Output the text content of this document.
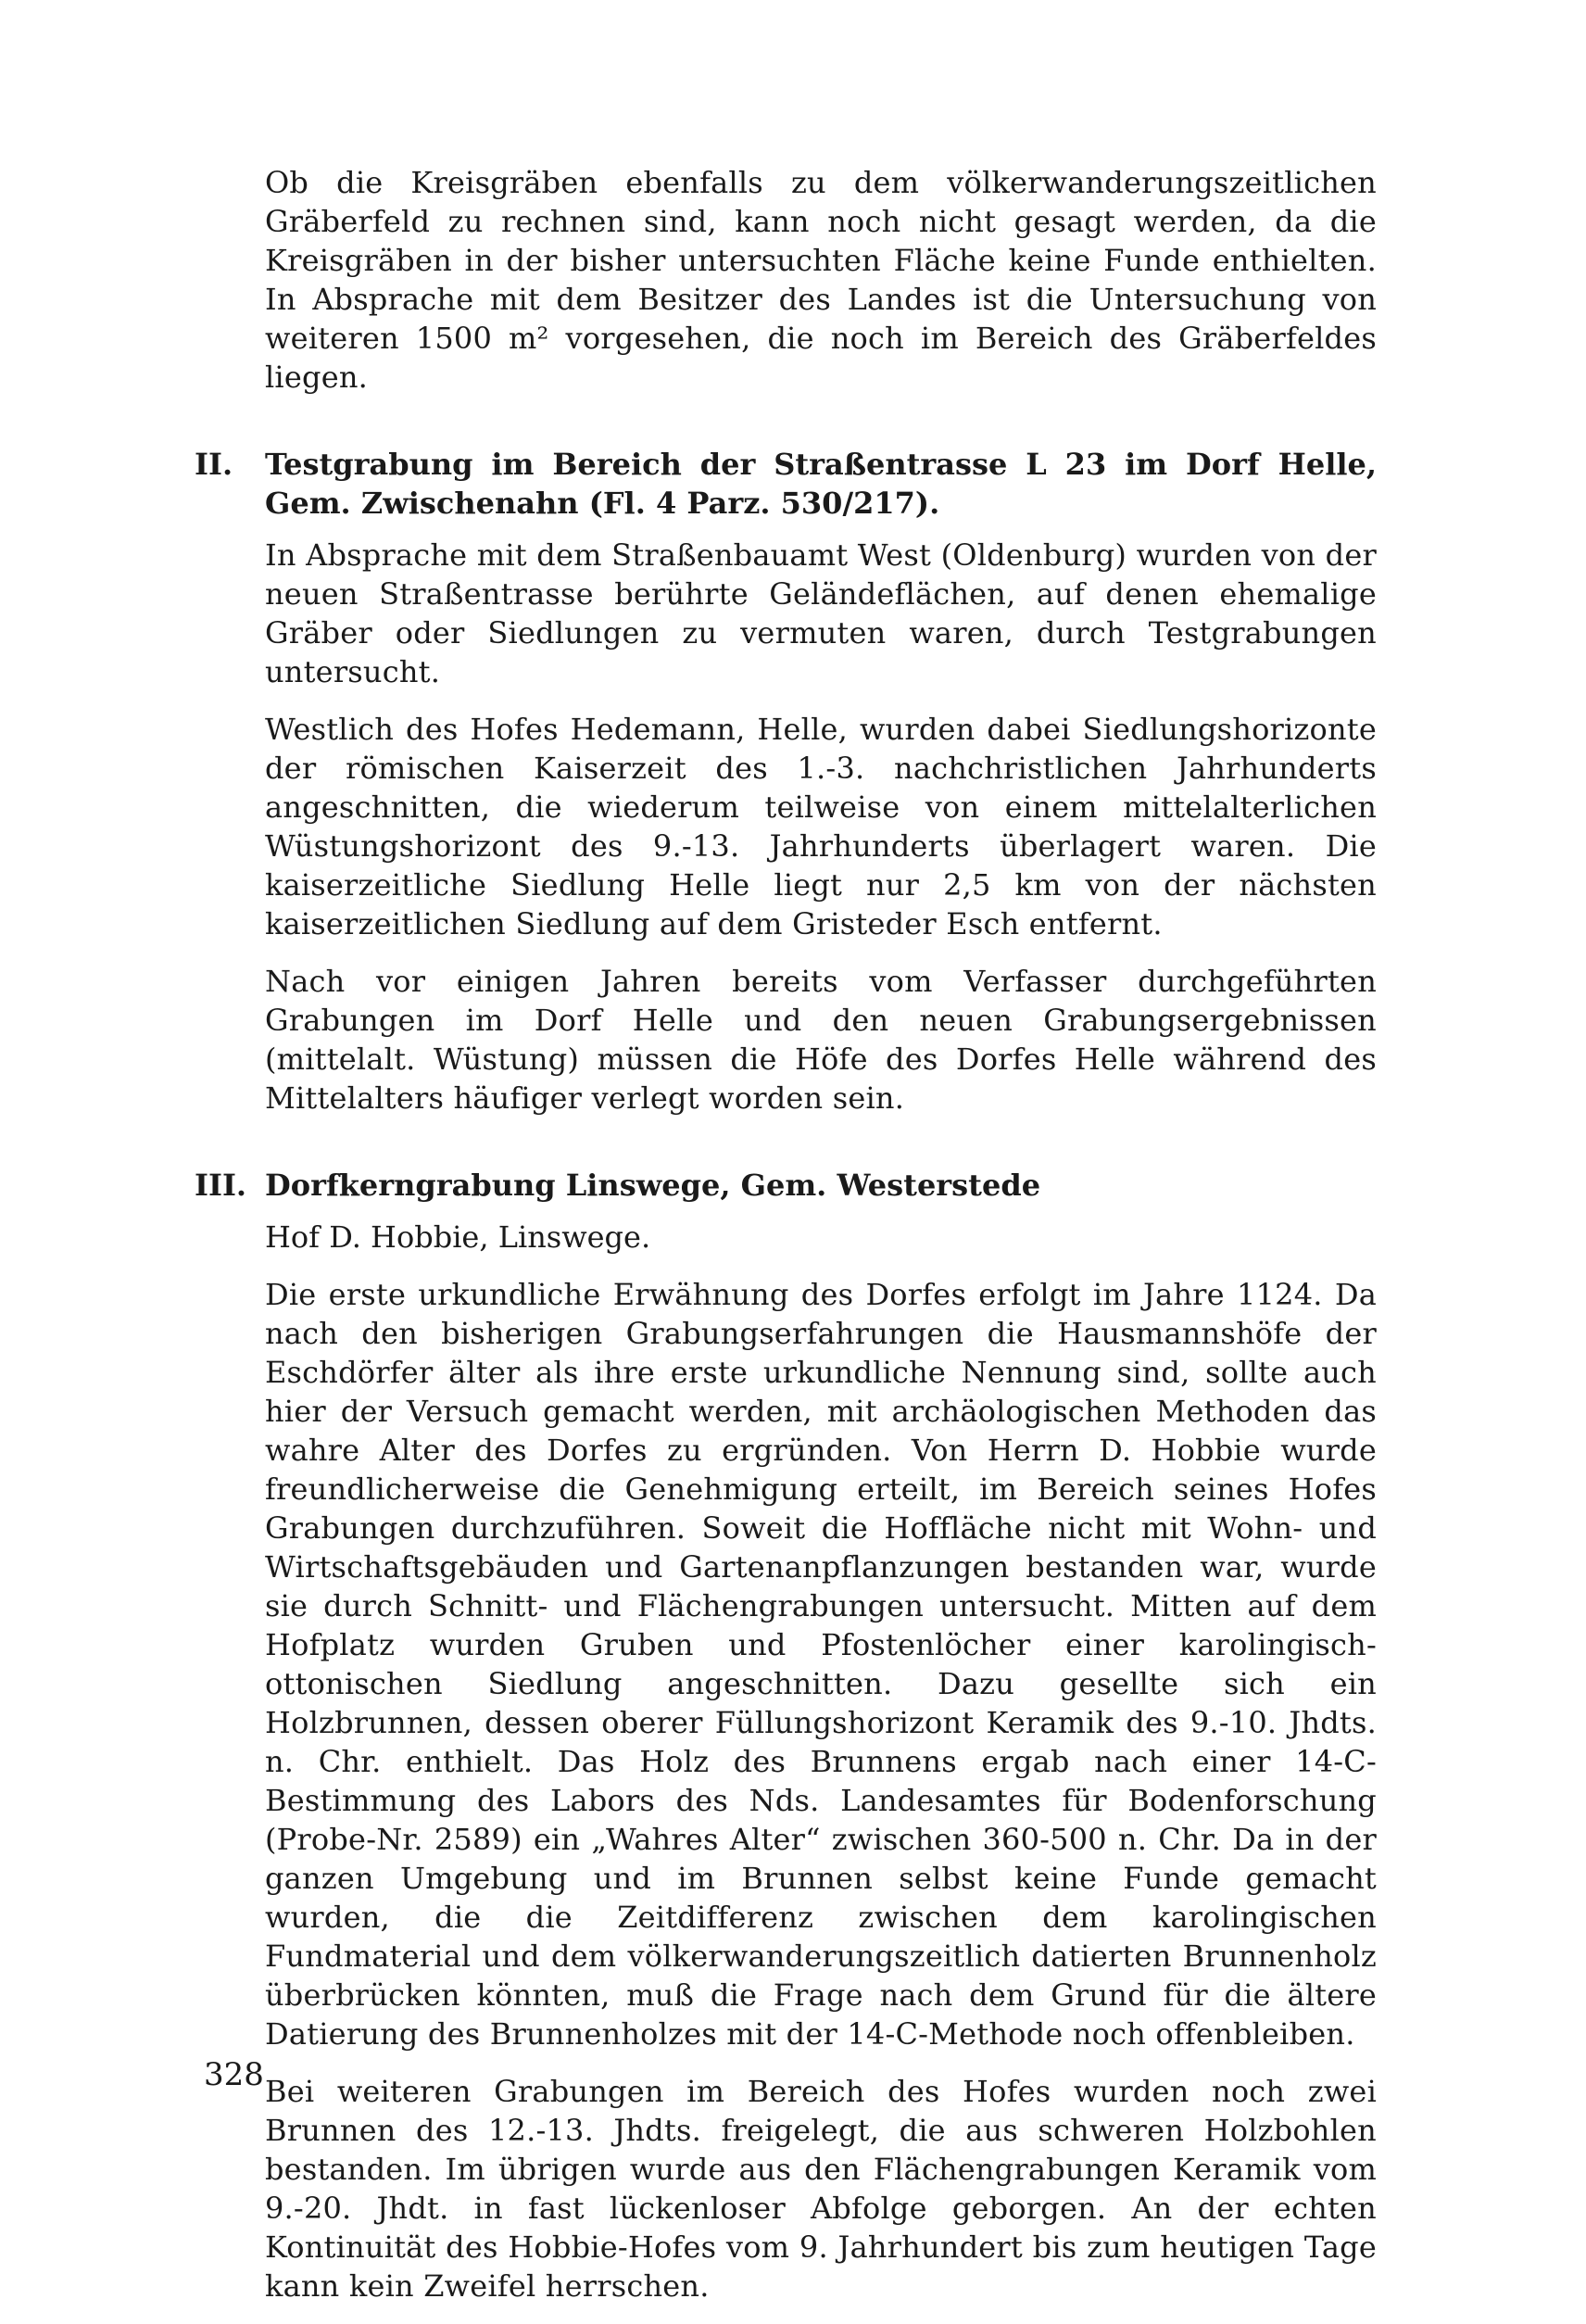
Ob die Kreisgräben ebenfalls zu dem völkerwanderungszeitlichen Gräberfeld zu rechnen sind, kann noch nicht gesagt werden, da die Kreisgräben in der bisher untersuchten Fläche keine Funde enthielten. In Absprache mit dem Besitzer des Landes ist die Untersuchung von weiteren 1500 m² vorgesehen, die noch im Bereich des Gräberfeldes liegen.

II. Testgrabung im Bereich der Straßentrasse L 23 im Dorf Helle, Gem. Zwischenahn (Fl. 4 Parz. 530/217).

In Absprache mit dem Straßenbauamt West (Oldenburg) wurden von der neuen Straßentrasse berührte Geländeflächen, auf denen ehemalige Gräber oder Siedlungen zu vermuten waren, durch Testgrabungen untersucht.

Westlich des Hofes Hedemann, Helle, wurden dabei Siedlungshorizonte der römischen Kaiserzeit des 1.-3. nachchristlichen Jahrhunderts angeschnitten, die wiederum teilweise von einem mittelalterlichen Wüstungshorizont des 9.-13. Jahrhunderts überlagert waren. Die kaiserzeitliche Siedlung Helle liegt nur 2,5 km von der nächsten kaiserzeitlichen Siedlung auf dem Gristeder Esch entfernt.

Nach vor einigen Jahren bereits vom Verfasser durchgeführten Grabungen im Dorf Helle und den neuen Grabungsergebnissen (mittelalt. Wüstung) müssen die Höfe des Dorfes Helle während des Mittelalters häufiger verlegt worden sein.

III. Dorfkerngrabung Linswege, Gem. Westerstede

Hof D. Hobbie, Linswege.

Die erste urkundliche Erwähnung des Dorfes erfolgt im Jahre 1124. Da nach den bisherigen Grabungserfahrungen die Hausmannshöfe der Eschdörfer älter als ihre erste urkundliche Nennung sind, sollte auch hier der Versuch gemacht werden, mit archäologischen Methoden das wahre Alter des Dorfes zu ergründen. Von Herrn D. Hobbie wurde freundlicherweise die Genehmigung erteilt, im Bereich seines Hofes Grabungen durchzuführen. Soweit die Hoffläche nicht mit Wohn- und Wirtschaftsgebäuden und Gartenanpflanzungen bestanden war, wurde sie durch Schnitt- und Flächengrabungen untersucht. Mitten auf dem Hofplatz wurden Gruben und Pfostenlöcher einer karolingisch-ottonischen Siedlung angeschnitten. Dazu gesellte sich ein Holzbrunnen, dessen oberer Füllungshorizont Keramik des 9.-10. Jhdts. n. Chr. enthielt. Das Holz des Brunnens ergab nach einer 14-C-Bestimmung des Labors des Nds. Landesamtes für Bodenforschung (Probe-Nr. 2589) ein „Wahres Alter“ zwischen 360-500 n. Chr. Da in der ganzen Umgebung und im Brunnen selbst keine Funde gemacht wurden, die die Zeitdifferenz zwischen dem karolingischen Fundmaterial und dem völkerwanderungszeitlich datierten Brunnenholz überbrücken könnten, muß die Frage nach dem Grund für die ältere Datierung des Brunnenholzes mit der 14-C-Methode noch offenbleiben.

Bei weiteren Grabungen im Bereich des Hofes wurden noch zwei Brunnen des 12.-13. Jhdts. freigelegt, die aus schweren Holzbohlen bestanden. Im übrigen wurde aus den Flächengrabungen Keramik vom 9.-20. Jhdt. in fast lückenloser Abfolge geborgen. An der echten Kontinuität des Hobbie-Hofes vom 9. Jahrhundert bis zum heutigen Tage kann kein Zweifel herrschen.

328
